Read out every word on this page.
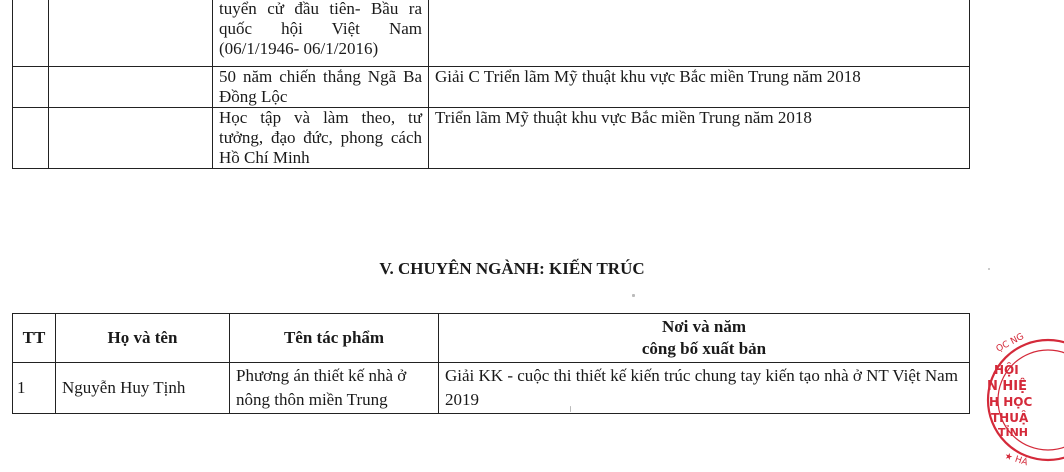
		tuyển cử đầu tiên- Bầu ra quốc hội Việt Nam (06/1/1946- 06/1/2016)	
		50 năm chiến thắng Ngã Ba Đồng Lộc	Giải C Triển lãm Mỹ thuật khu vực Bắc miền Trung năm 2018
		Học tập và làm theo, tư tưởng, đạo đức, phong cách Hồ Chí Minh	Triển lãm Mỹ thuật khu vực Bắc miền Trung năm 2018
V. CHUYÊN NGÀNH: KIẾN TRÚC
TT	Họ và tên	Tên tác phẩm	Nơi và năm
công bố xuất bản

1	Nguyễn Huy Tịnh	Phương án thiết kế nhà ở nông thôn miền Trung	Giải KK - cuộc thi thiết kế kiến trúc chung tay kiến tạo nhà ở NT Việt Nam 2019
ỌC NG
HỘI
N HIỆ
H HỌC
THUẬ
TỈNH
★ HÀ
